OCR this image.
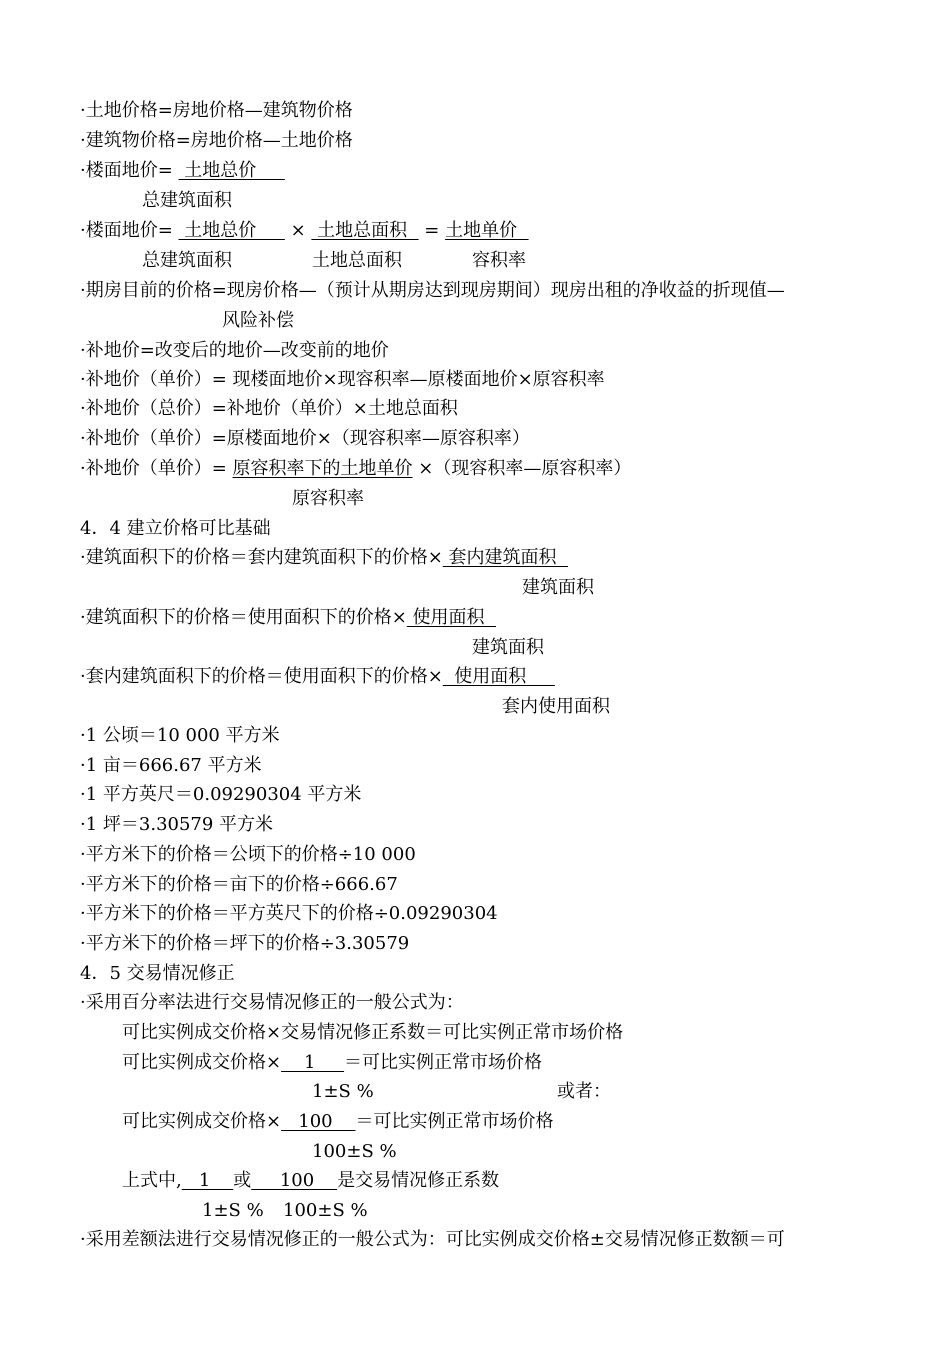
·土地价格=房地价格—建筑物价格
·建筑物价格=房地价格—土地价格
·楼面地价=  土地总价
总建筑面积
·楼面地价=  土地总价      ×  土地总面积   = 土地单价
总建筑面积	土地总面积	容积率
·期房目前的价格=现房价格—（预计从期房达到现房期间）现房出租的净收益的折现值—
风险补偿
·补地价=改变后的地价—改变前的地价
·补地价（单价）= 现楼面地价×现容积率—原楼面地价×原容积率
·补地价（总价）=补地价（单价）×土地总面积
·补地价（单价）=原楼面地价×（现容积率—原容积率）
·补地价（单价）= 原容积率下的土地单价 ×（现容积率—原容积率）
原容积率
4．4 建立价格可比基础
·建筑面积下的价格＝套内建筑面积下的价格× 套内建筑面积
建筑面积
·建筑面积下的价格＝使用面积下的价格× 使用面积
建筑面积
·套内建筑面积下的价格＝使用面积下的价格×  使用面积
套内使用面积
·1 公顷＝10 000 平方米
·1 亩＝666.67 平方米
·1 平方英尺＝0.09290304 平方米
·1 坪＝3.30579 平方米
·平方米下的价格＝公顷下的价格÷10 000
·平方米下的价格＝亩下的价格÷666.67
·平方米下的价格＝平方英尺下的价格÷0.09290304
·平方米下的价格＝坪下的价格÷3.30579
4．5 交易情况修正
·采用百分率法进行交易情况修正的一般公式为：
可比实例成交价格×交易情况修正系数＝可比实例正常市场价格
可比实例成交价格×    1     ＝可比实例正常市场价格
1±S %	或者：
可比实例成交价格×   100    ＝可比实例正常市场价格
100±S %
上式中,   1    或     100    是交易情况修正系数
1±S % 100±S %
·采用差额法进行交易情况修正的一般公式为：可比实例成交价格±交易情况修正数额＝可
